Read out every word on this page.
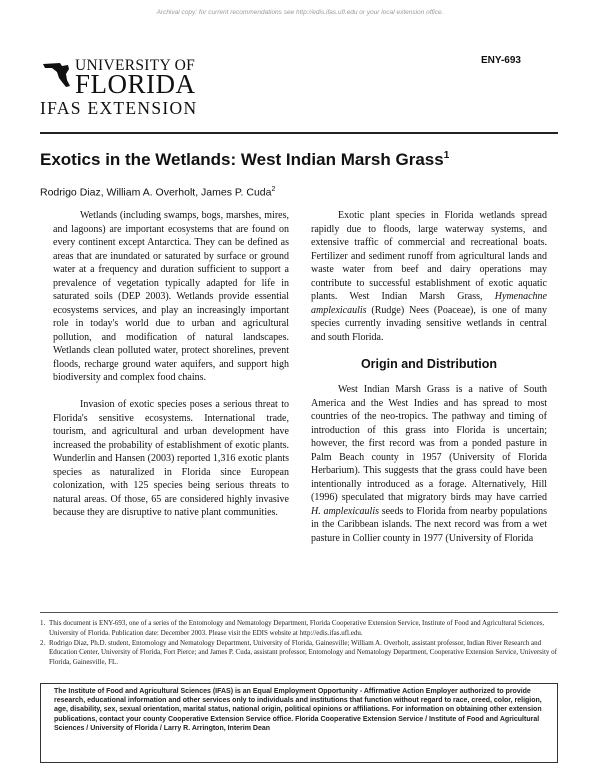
Archival copy: for current recommendations see http://edis.ifas.ufl.edu or your local extension office.
ENY-693
UNIVERSITY OF
FLORIDA
IFAS EXTENSION
Exotics in the Wetlands: West Indian Marsh Grass$^1$
Rodrigo Diaz, William A. Overholt, James P. Cuda$^2$

Wetlands (including swamps, bogs, marshes, mires, and lagoons) are important ecosystems that are found on every continent except Antarctica. They can be defined as areas that are inundated or saturated by surface or ground water at a frequency and duration sufficient to support a prevalence of vegetation typically adapted for life in saturated soils (DEP 2003). Wetlands provide essential ecosystems services, and play an increasingly important role in today's world due to urban and agricultural pollution, and modification of natural landscapes. Wetlands clean polluted water, protect shorelines, prevent floods, recharge ground water aquifers, and support high biodiversity and complex food chains.

Invasion of exotic species poses a serious threat to Florida's sensitive ecosystems. International trade, tourism, and agricultural and urban development have increased the probability of establishment of exotic plants. Wunderlin and Hansen (2003) reported 1,316 exotic plants species as naturalized in Florida since European colonization, with 125 species being serious threats to natural areas. Of those, 65 are considered highly invasive because they are disruptive to native plant communities.

Exotic plant species in Florida wetlands spread rapidly due to floods, large waterway systems, and extensive traffic of commercial and recreational boats. Fertilizer and sediment runoff from agricultural lands and waste water from beef and dairy operations may contribute to successful establishment of exotic aquatic plants. West Indian Marsh Grass, Hymenachne amplexicaulis (Rudge) Nees (Poaceae), is one of many species currently invading sensitive wetlands in central and south Florida.

Origin and Distribution

West Indian Marsh Grass is a native of South America and the West Indies and has spread to most countries of the neo-tropics. The pathway and timing of introduction of this grass into Florida is uncertain; however, the first record was from a ponded pasture in Palm Beach county in 1957 (University of Florida Herbarium). This suggests that the grass could have been intentionally introduced as a forage. Alternatively, Hill (1996) speculated that migratory birds may have carried H. amplexicaulis seeds to Florida from nearby populations in the Caribbean islands. The next record was from a wet pasture in Collier county in 1977 (University of Florida

1. This document is ENY-693, one of a series of the Entomology and Nematology Department, Florida Cooperative Extension Service, Institute of Food and Agricultural Sciences, University of Florida. Publication date: December 2003. Please visit the EDIS website at http://edis.ifas.ufl.edu.
2. Rodrigo Diaz, Ph.D. student, Entomology and Nematology Department, University of Florida, Gainesville; William A. Overholt, assistant professor, Indian River Research and Education Center, University of Florida, Fort Pierce; and James P. Cuda, assistant professor, Entomology and Nematology Department, Cooperative Extension Service, University of Florida, Gainesville, FL.
The Institute of Food and Agricultural Sciences (IFAS) is an Equal Employment Opportunity - Affirmative Action Employer authorized to provide research, educational information and other services only to individuals and institutions that function without regard to race, creed, color, religion, age, disability, sex, sexual orientation, marital status, national origin, political opinions or affiliations. For information on obtaining other extension publications, contact your county Cooperative Extension Service office. Florida Cooperative Extension Service / Institute of Food and Agricultural Sciences / University of Florida / Larry R. Arrington, Interim Dean
